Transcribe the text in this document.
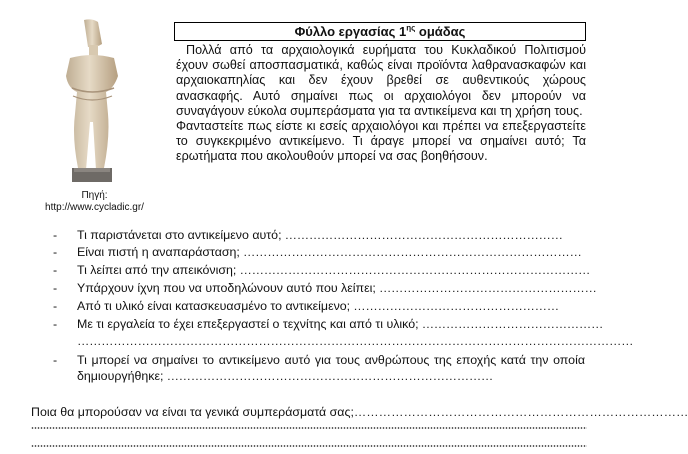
Πηγή:
http://www.cycladic.gr/
Φύλλο εργασίας $1^{\eta\varsigma}$ ομάδας

Πολλά από τα αρχαιολογικά ευρήματα του Κυκλαδικού Πολιτισμού έχουν σωθεί αποσπασματικά, καθώς είναι προϊόντα λαθρανασκαφών και αρχαιοκαπηλίας και δεν έχουν βρεθεί σε αυθεντικούς χώρους ανασκαφής. Αυτό σημαίνει πως οι αρχαιολόγοι δεν μπορούν να συναγάγουν εύκολα συμπεράσματα για τα αντικείμενα και τη χρήση τους.

Φανταστείτε πως είστε κι εσείς αρχαιολόγοι και πρέπει να επεξεργαστείτε το συγκεκριμένο αντικείμενο. Τι άραγε μπορεί να σημαίνει αυτό; Τα ερωτήματα που ακολουθούν μπορεί να σας βοηθήσουν.

- Τι παριστάνεται στο αντικείμενο αυτό; ……………………………………………………………
- Είναι πιστή η αναπαράσταση; …………………………………………………………………………
- Τι λείπει από την απεικόνιση; ……………………………………………………………………………
- Υπάρχουν ίχνη που να υποδηλώνουν αυτό που λείπει; ………………………………………………
- Από τι υλικό είναι κατασκευασμένο το αντικείμενο; ……………………………………………
- Με τι εργαλεία το έχει επεξεργαστεί ο τεχνίτης και από τι υλικό; ………………………………………
…………………………………………………………………………………………………………………………
- Τι μπορεί να σημαίνει το αντικείμενο αυτό για τους ανθρώπους της εποχής κατά την οποία δημιουργήθηκε; ………………………………………………………………………
Ποια θα μπορούσαν να είναι τα γενικά συμπεράσματά σας;………………………………………………………………………
